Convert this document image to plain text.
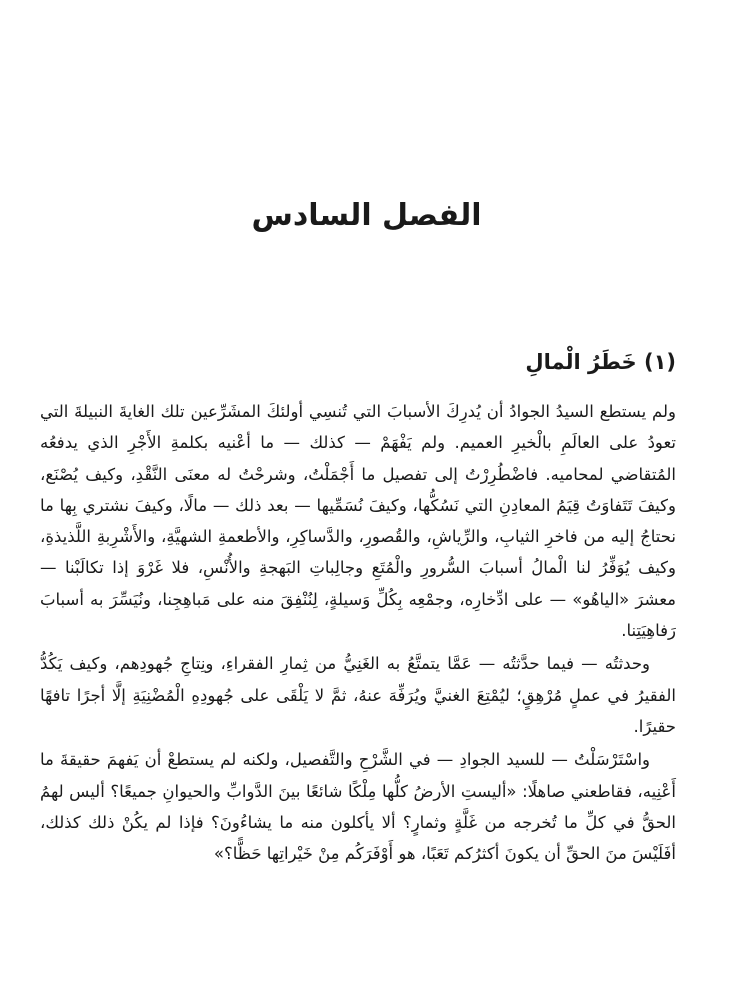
الفصل السادس
(١) خَطَرُ الْمالِ

ولم يستطع السيدُ الجوادُ أن يُدرِكَ الأسبابَ التي تُنسِي أولئكَ المشَرِّعين تلك الغايةَ النبيلةَ التي تعودُ على العالَمِ بالْخيرِ العميم. ولم يَفْهَمْ — كذلك — ما أعْنيه بكلمةِ الأَجْرِ الذي يدفعُه المُتقاضي لمحاميه. فاضْطُرِرْتُ إلى تفصيل ما أَجْمَلْتُ، وشرحْتُ له معنَى النَّقْدِ، وكيف يُصْنَع، وكيفَ تَتَفاوَتُ قِيَمُ المعادِنِ التي نَسُكُّها، وكيفَ نُسَمِّيها — بعد ذلك — مالًا، وكيفَ نشتري بِها ما نحتاجُ إليه من فاخرِ الثيابِ، والرِّياشِ، والقُصورِ، والدَّساكِرِ، والأطعمةِ الشهيَّةِ، والأَشْرِبةِ اللَّذيذةِ، وكيف يُوَفِّرُ لنا الْمالُ أسبابَ السُّرورِ والْمُتَعِ وجالِباتِ البَهجةِ والأُنْسِ، فلا غَرْوَ إذا تكالَبْنا — معشرَ «الياهُو» — على ادِّخارِه، وجمْعِه بِكُلِّ وَسيلةٍ، لِنُنْفِقَ منه على مَباهِجِنا، ونُيَسِّرَ به أسبابَ رَفاهِيَتِنا.

وحدثتُه — فيما حدَّثتُه — عَمَّا يتمتَّعُ به الغَنِيُّ من ثِمارِ الفقراءِ، ونِتاجِ جُهودِهم، وكيف يَكُدُّ الفقيرُ في عملٍ مُرْهِقٍ؛ ليُمْتِعَ الغنيَّ ويُرَفِّهَ عنهُ، ثمَّ لا يَلْقَى على جُهودِهِ الْمُضْنِيَةِ إلَّا أجرًا تافهًا حقيرًا.

واسْتَرْسَلْتُ — للسيد الجوادِ — في الشَّرْحِ والتَّفصيل، ولكنه لم يستطعْ أن يَفهمَ حقيقةَ ما أَعْنِيه، فقاطعني صاهلًا: «أليستِ الأرضُ كلُّها مِلْكًا شائعًا بينَ الدَّوابِّ والحيوانِ جميعًا؟ أليس لهمُ الحقُّ في كلِّ ما تُخرجه من غَلَّةٍ وثمارٍ؟ ألا يأكلون منه ما يشاءُونَ؟ فإذا لم يكُنْ ذلك كذلك، أفَلَيْسَ منَ الحقِّ أن يكونَ أكثرُكم تَعَبًا، هو أَوْفَرَكُم مِنْ خَيْراتِها حَظًّا؟»
